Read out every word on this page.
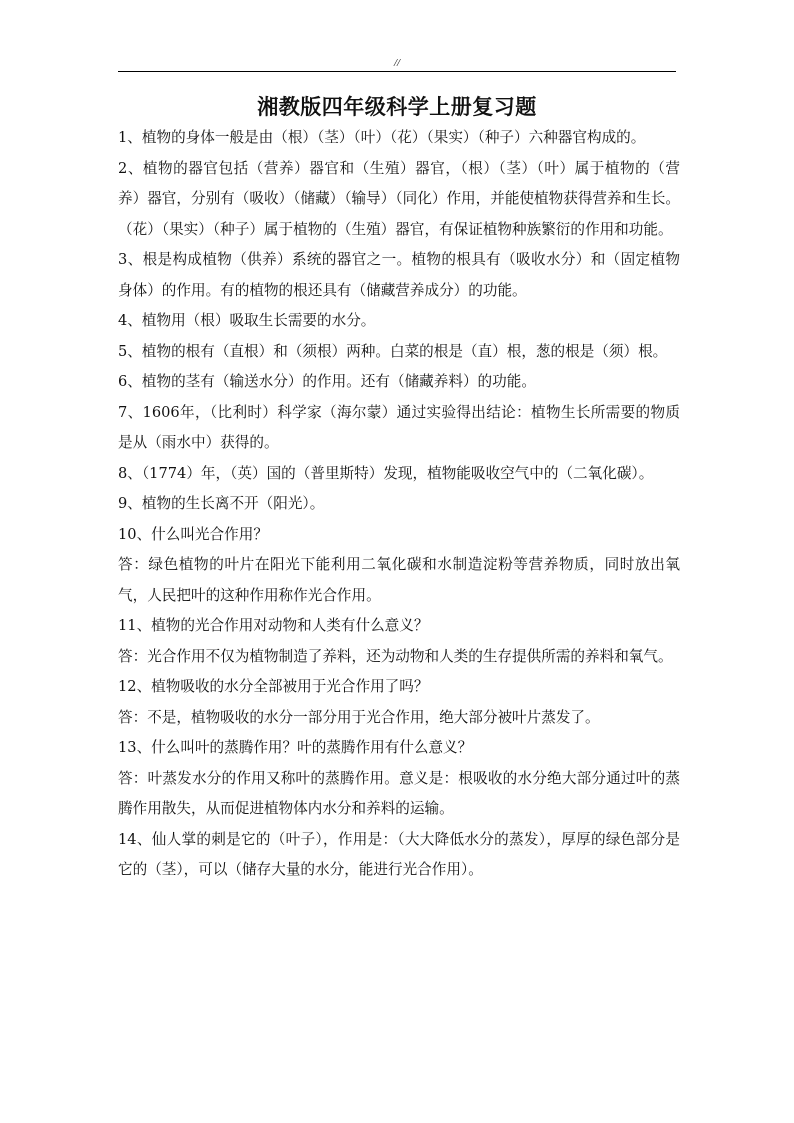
//
湘教版四年级科学上册复习题

1、植物的身体一般是由（根）（茎）（叶）（花）（果实）（种子）六种器官构成的。

2、植物的器官包括（营养）器官和（生殖）器官，（根）（茎）（叶）属于植物的（营养）器官，分别有（吸收）（储藏）（输导）（同化）作用，并能使植物获得营养和生长。（花）（果实）（种子）属于植物的（生殖）器官，有保证植物种族繁衍的作用和功能。

3、根是构成植物（供养）系统的器官之一。植物的根具有（吸收水分）和（固定植物身体）的作用。有的植物的根还具有（储藏营养成分）的功能。

4、植物用（根）吸取生长需要的水分。

5、植物的根有（直根）和（须根）两种。白菜的根是（直）根，葱的根是（须）根。

6、植物的茎有（输送水分）的作用。还有（储藏养料）的功能。

7、1606年，（比利时）科学家（海尔蒙）通过实验得出结论：植物生长所需要的物质是从（雨水中）获得的。

8、（1774）年，（英）国的（普里斯特）发现，植物能吸收空气中的（二氧化碳）。

9、植物的生长离不开（阳光）。

10、什么叫光合作用？

答：绿色植物的叶片在阳光下能利用二氧化碳和水制造淀粉等营养物质，同时放出氧气，人民把叶的这种作用称作光合作用。

11、植物的光合作用对动物和人类有什么意义？

答：光合作用不仅为植物制造了养料，还为动物和人类的生存提供所需的养料和氧气。

12、植物吸收的水分全部被用于光合作用了吗？

答：不是，植物吸收的水分一部分用于光合作用，绝大部分被叶片蒸发了。

13、什么叫叶的蒸腾作用？叶的蒸腾作用有什么意义？

答：叶蒸发水分的作用又称叶的蒸腾作用。意义是：根吸收的水分绝大部分通过叶的蒸腾作用散失，从而促进植物体内水分和养料的运输。

14、仙人掌的刺是它的（叶子），作用是：（大大降低水分的蒸发），厚厚的绿色部分是它的（茎），可以（储存大量的水分，能进行光合作用）。
